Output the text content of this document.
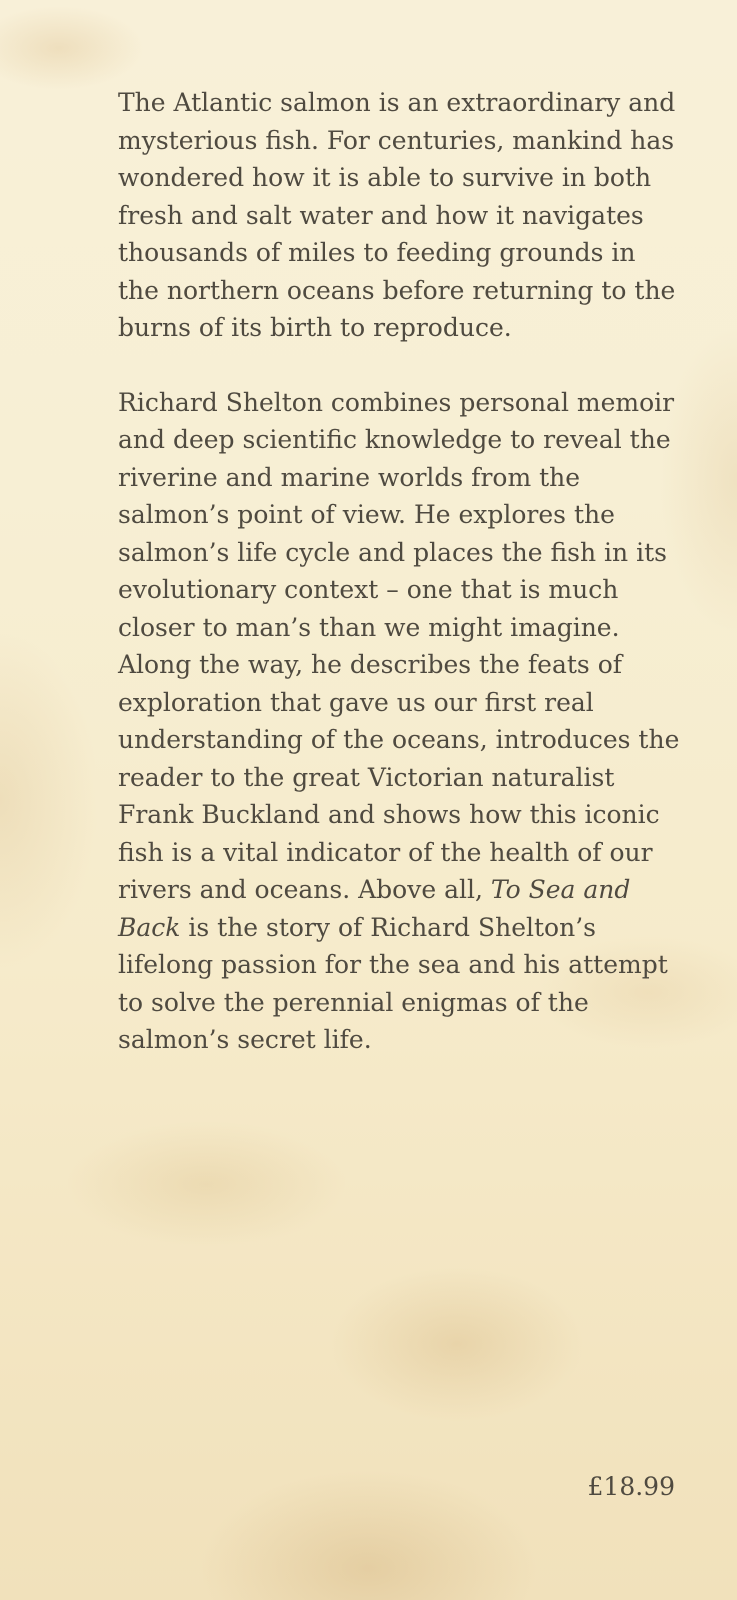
The Atlantic salmon is an extraordinary and mysterious fish. For centuries, mankind has wondered how it is able to survive in both fresh and salt water and how it navigates thousands of miles to feeding grounds in the northern oceans before returning to the burns of its birth to reproduce.

Richard Shelton combines personal memoir and deep scientific knowledge to reveal the riverine and marine worlds from the salmon’s point of view. He explores the salmon’s life cycle and places the fish in its evolutionary context – one that is much closer to man’s than we might imagine. Along the way, he describes the feats of exploration that gave us our first real understanding of the oceans, introduces the reader to the great Victorian naturalist Frank Buckland and shows how this iconic fish is a vital indicator of the health of our rivers and oceans. Above all, To Sea and Back is the story of Richard Shelton’s lifelong passion for the sea and his attempt to solve the perennial enigmas of the salmon’s secret life.

£18.99
